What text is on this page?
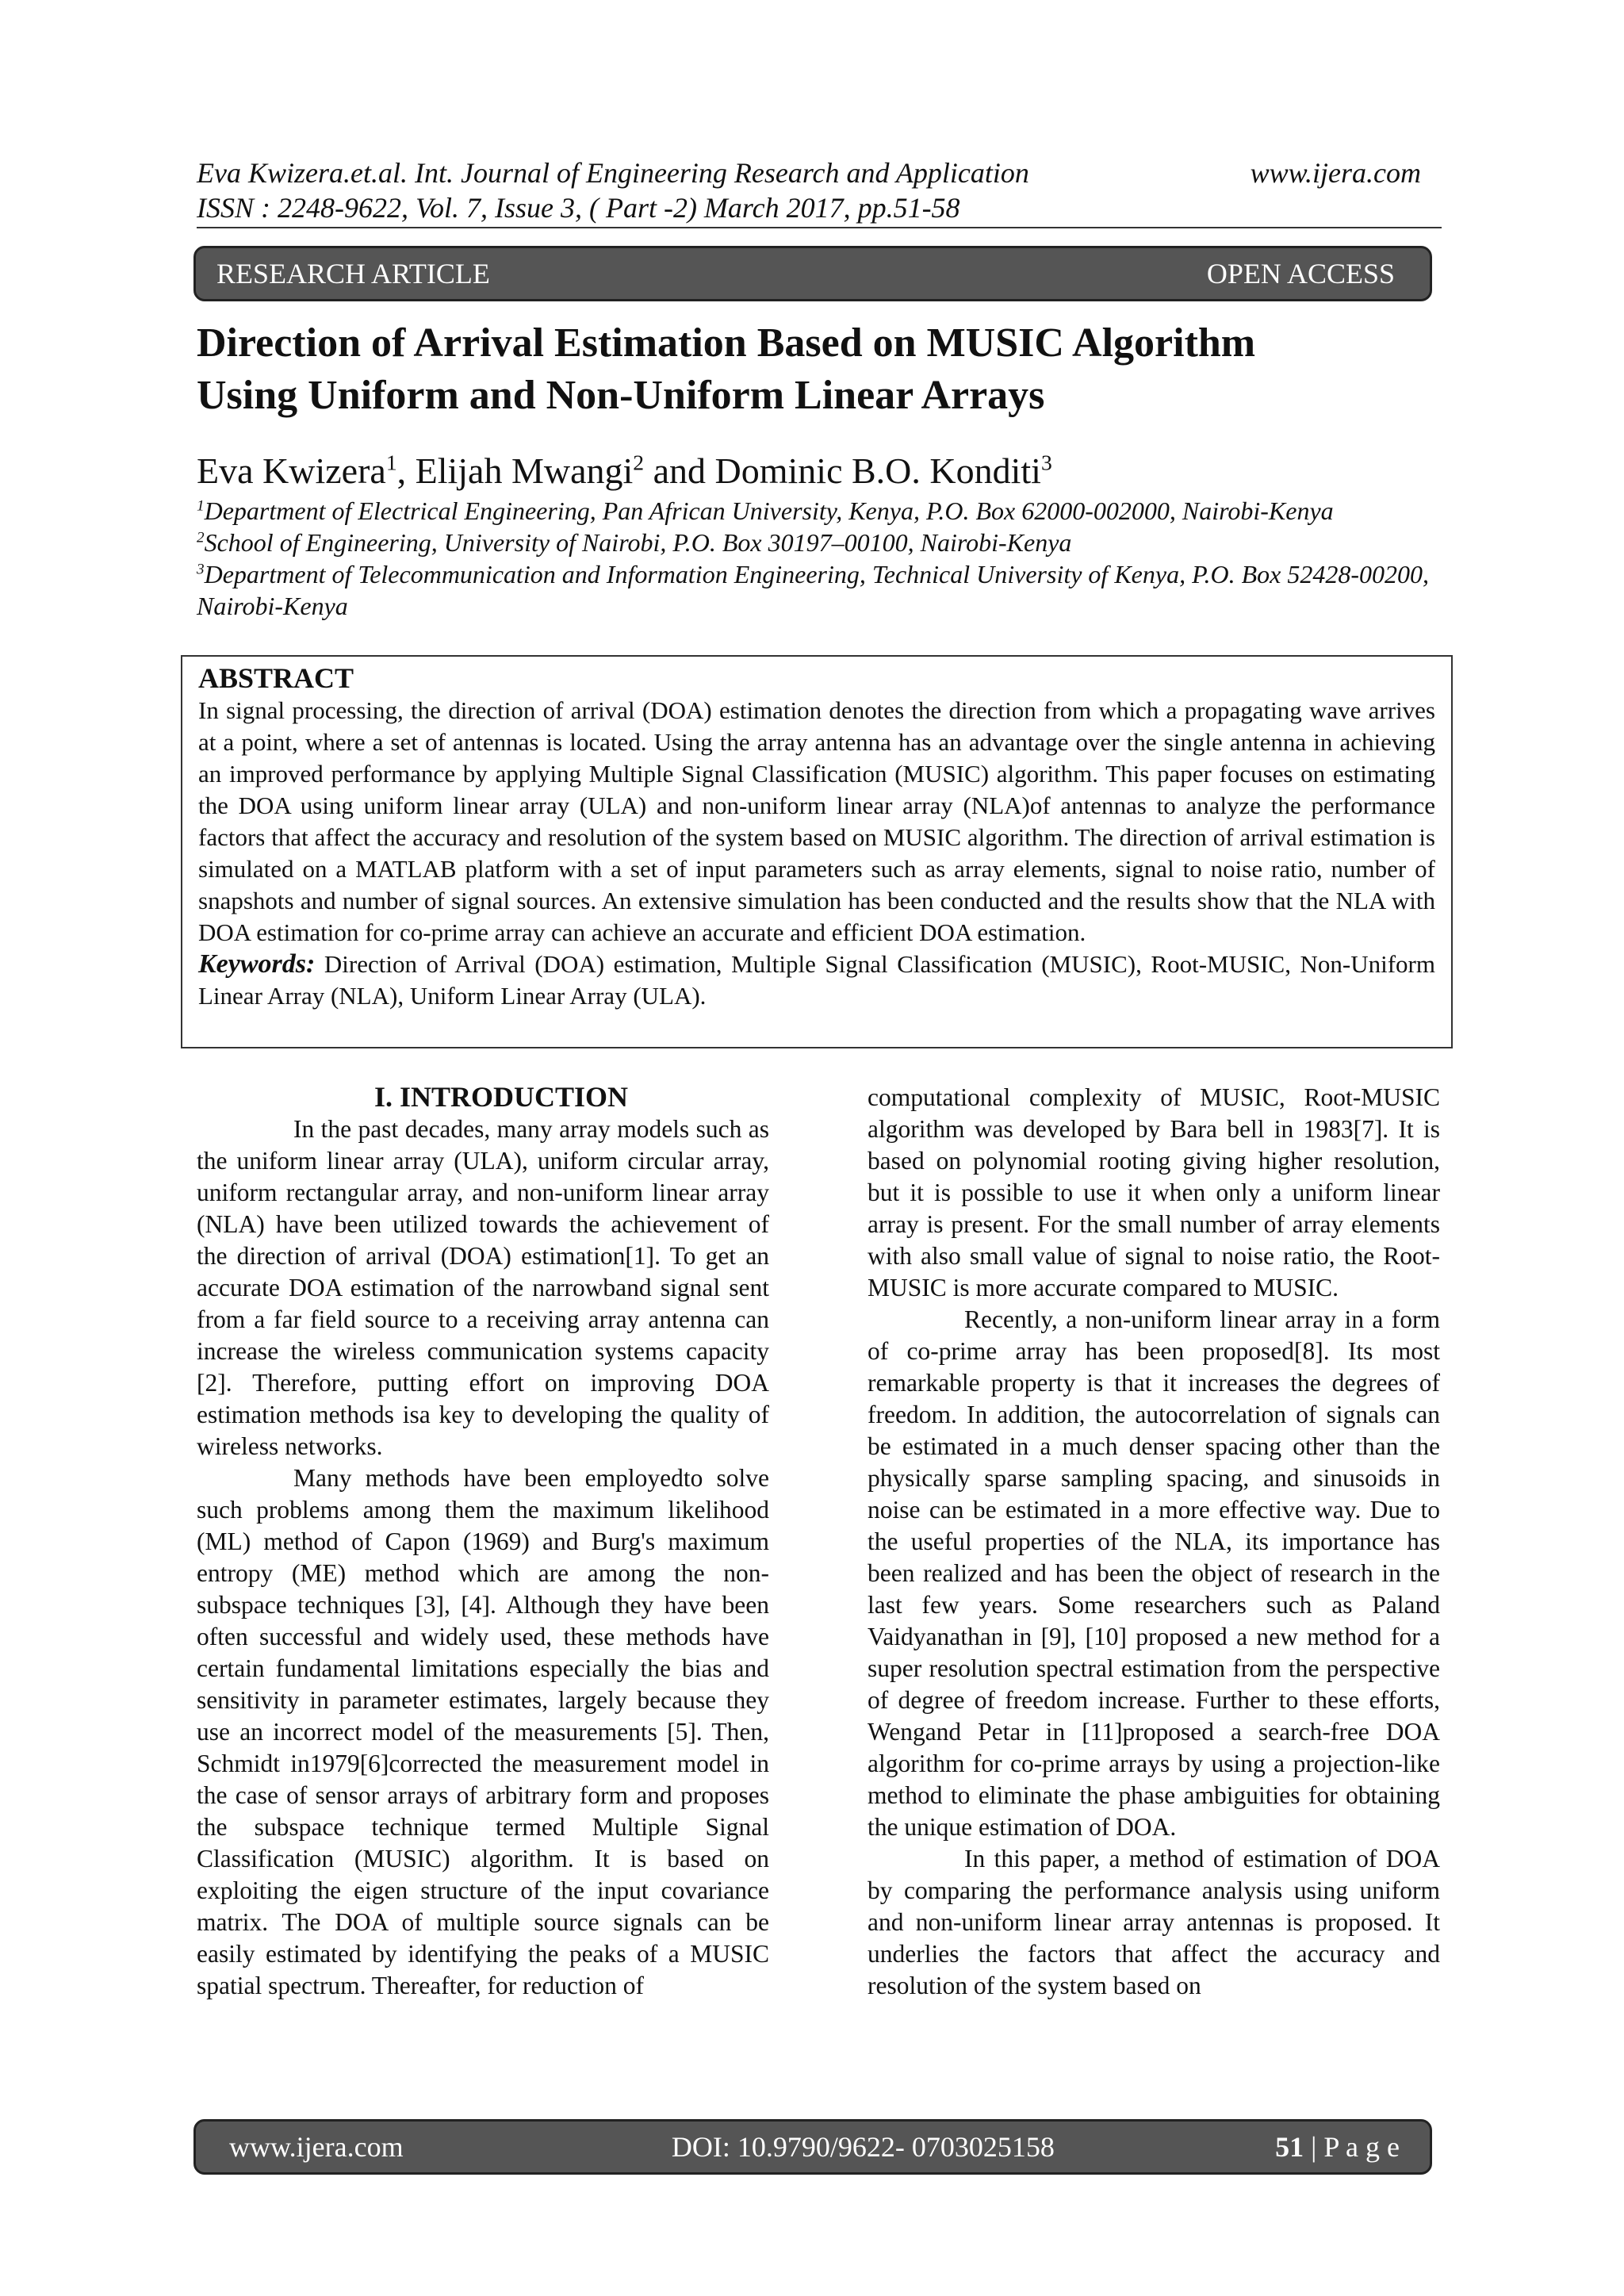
Eva Kwizera.et.al. Int. Journal of Engineering Research and Application	www.ijera.com
ISSN : 2248-9622, Vol. 7, Issue 3, ( Part -2) March 2017, pp.51-58
RESEARCH ARTICLE	OPEN ACCESS
Direction of Arrival Estimation Based on MUSIC Algorithm
Using Uniform and Non-Uniform Linear Arrays
Eva Kwizera$^1$, Elijah Mwangi$^2$ and Dominic B.O. Konditi$^3$
$^1$Department of Electrical Engineering, Pan African University, Kenya, P.O. Box 62000-002000, Nairobi-Kenya
$^2$School of Engineering, University of Nairobi, P.O. Box 30197–00100, Nairobi-Kenya
$^3$Department of Telecommunication and Information Engineering, Technical University of Kenya, P.O. Box 52428-00200, Nairobi-Kenya
ABSTRACT
In signal processing, the direction of arrival (DOA) estimation denotes the direction from which a propagating wave arrives at a point, where a set of antennas is located. Using the array antenna has an advantage over the single antenna in achieving an improved performance by applying Multiple Signal Classification (MUSIC) algorithm. This paper focuses on estimating the DOA using uniform linear array (ULA) and non-uniform linear array (NLA)of antennas to analyze the performance factors that affect the accuracy and resolution of the system based on MUSIC algorithm. The direction of arrival estimation is simulated on a MATLAB platform with a set of input parameters such as array elements, signal to noise ratio, number of snapshots and number of signal sources. An extensive simulation has been conducted and the results show that the NLA with DOA estimation for co-prime array can achieve an accurate and efficient DOA estimation.
Keywords: Direction of Arrival (DOA) estimation, Multiple Signal Classification (MUSIC), Root-MUSIC, Non-Uniform Linear Array (NLA), Uniform Linear Array (ULA).
I. INTRODUCTION

In the past decades, many array models such as the uniform linear array (ULA), uniform circular array, uniform rectangular array, and non-uniform linear array (NLA) have been utilized towards the achievement of the direction of arrival (DOA) estimation[1]. To get an accurate DOA estimation of the narrowband signal sent from a far field source to a receiving array antenna can increase the wireless communication systems capacity [2]. Therefore, putting effort on improving DOA estimation methods isa key to developing the quality of wireless networks.

Many methods have been employedto solve such problems among them the maximum likelihood (ML) method of Capon (1969) and Burg's maximum entropy (ME) method which are among the non-subspace techniques [3], [4]. Although they have been often successful and widely used, these methods have certain fundamental limitations especially the bias and sensitivity in parameter estimates, largely because they use an incorrect model of the measurements [5]. Then, Schmidt in1979[6]corrected the measurement model in the case of sensor arrays of arbitrary form and proposes the subspace technique termed Multiple Signal Classification (MUSIC) algorithm. It is based on exploiting the eigen structure of the input covariance matrix. The DOA of multiple source signals can be easily estimated by identifying the peaks of a MUSIC spatial spectrum. Thereafter, for reduction of

computational complexity of MUSIC, Root-MUSIC algorithm was developed by Bara bell in 1983[7]. It is based on polynomial rooting giving higher resolution, but it is possible to use it when only a uniform linear array is present. For the small number of array elements with also small value of signal to noise ratio, the Root- MUSIC is more accurate compared to MUSIC.

Recently, a non-uniform linear array in a form of co-prime array has been proposed[8]. Its most remarkable property is that it increases the degrees of freedom. In addition, the autocorrelation of signals can be estimated in a much denser spacing other than the physically sparse sampling spacing, and sinusoids in noise can be estimated in a more effective way. Due to the useful properties of the NLA, its importance has been realized and has been the object of research in the last few years. Some researchers such as Paland Vaidyanathan in [9], [10] proposed a new method for a super resolution spectral estimation from the perspective of degree of freedom increase. Further to these efforts, Wengand Petar in [11]proposed a search-free DOA algorithm for co-prime arrays by using a projection-like method to eliminate the phase ambiguities for obtaining the unique estimation of DOA.

In this paper, a method of estimation of DOA by comparing the performance analysis using uniform and non-uniform linear array antennas is proposed. It underlies the factors that affect the accuracy and resolution of the system based on

www.ijera.com	DOI: 10.9790/9622- 0703025158	51 | P a g e
